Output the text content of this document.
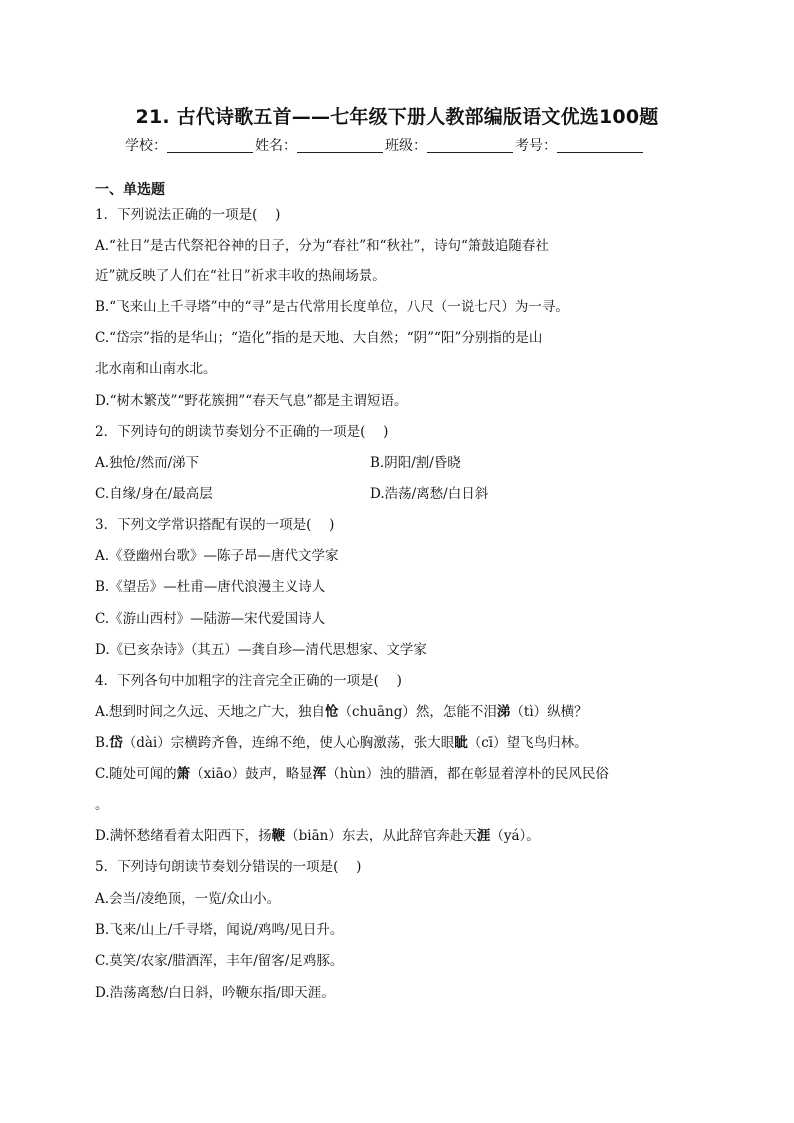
21. 古代诗歌五首——七年级下册人教部编版语文优选100题
学校：	姓名：	班级：	考号：
一、单选题
1．下列说法正确的一项是(　 )
A.“社日”是古代祭祀谷神的日子，分为“春社”和“秋社”，诗句“箫鼓追随春社
近”就反映了人们在“社日”祈求丰收的热闹场景。
B.“飞来山上千寻塔”中的“寻”是古代常用长度单位，八尺（一说七尺）为一寻。
C.“岱宗”指的是华山；“造化”指的是天地、大自然；“阴”“阳”分别指的是山
北水南和山南水北。
D.“树木繁茂”“野花簇拥”“春天气息”都是主谓短语。
2．下列诗句的朗读节奏划分不正确的一项是(　 )
A.独怆/然而/涕下	B.阴阳/割/昏晓
C.自缘/身在/最高层	D.浩荡/离愁/白日斜
3．下列文学常识搭配有误的一项是(　 )
A.《登幽州台歌》—陈子昂—唐代文学家
B.《望岳》—杜甫—唐代浪漫主义诗人
C.《游山西村》—陆游—宋代爱国诗人
D.《已亥杂诗》（其五）—龚自珍—清代思想家、文学家
4．下列各句中加粗字的注音完全正确的一项是(　 )
A.想到时间之久远、天地之广大，独自怆（chuāng）然，怎能不泪涕（tì）纵横？
B.岱（dài）宗横跨齐鲁，连绵不绝，使人心胸激荡，张大眼眦（cī）望飞鸟归林。
C.随处可闻的箫（xiāo）鼓声，略显浑（hùn）浊的腊酒，都在彰显着淳朴的民风民俗
。
D.满怀愁绪看着太阳西下，扬鞭（biān）东去，从此辞官奔赴天涯（yá）。
5．下列诗句朗读节奏划分错误的一项是(　 )
A.会当/凌绝顶，一览/众山小。
B.飞来/山上/千寻塔，闻说/鸡鸣/见日升。
C.莫笑/农家/腊酒浑，丰年/留客/足鸡豚。
D.浩荡离愁/白日斜，吟鞭东指/即天涯。
